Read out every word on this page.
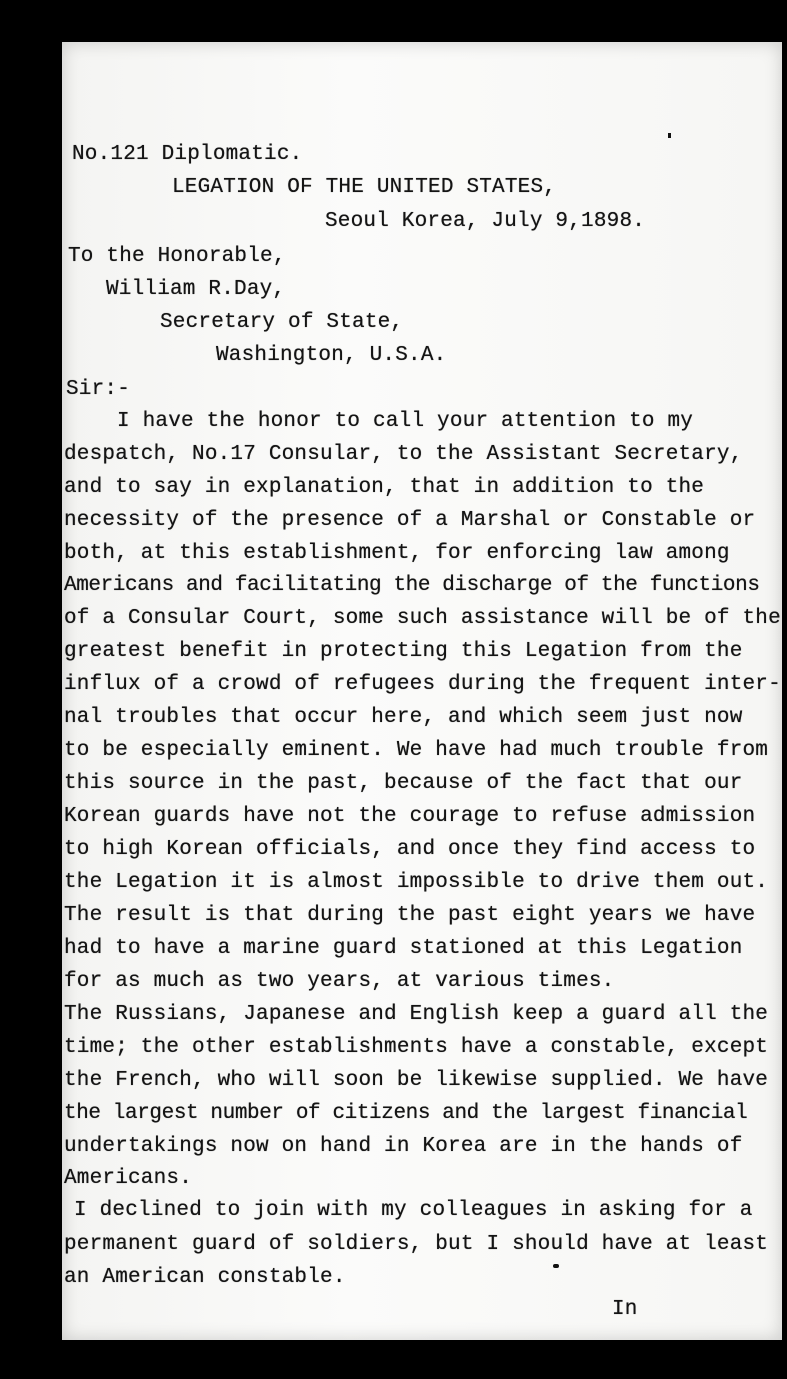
No.121 Diplomatic.
LEGATION OF THE UNITED STATES,
Seoul Korea, July 9,1898.
To the Honorable,
William R.Day,
Secretary of State,
Washington, U.S.A.
Sir:-
I have the honor to call your attention to my
despatch, No.17 Consular, to the Assistant Secretary,
and to say in explanation, that in addition to the
necessity of the presence of a Marshal or Constable or
both, at this establishment, for enforcing law among
Americans and facilitating the discharge of the functions
of a Consular Court, some such assistance will be of the
greatest benefit in protecting this Legation from the
influx of a crowd of refugees during the frequent inter-
nal troubles that occur here, and which seem just now
to be especially eminent. We have had much trouble from
this source in the past, because of the fact that our
Korean guards have not the courage to refuse admission
to high Korean officials, and once they find access to
the Legation it is almost impossible to drive them out.
The result is that during the past eight years we have
had to have a marine guard stationed at this Legation
for as much as two years, at various times.
The Russians, Japanese and English keep a guard all the
time; the other establishments have a constable, except
the French, who will soon be likewise supplied. We have
the largest number of citizens and the largest financial
undertakings now on hand in Korea are in the hands of
Americans.
I declined to join with my colleagues in asking for a
permanent guard of soldiers, but I should have at least
an American constable.
In
